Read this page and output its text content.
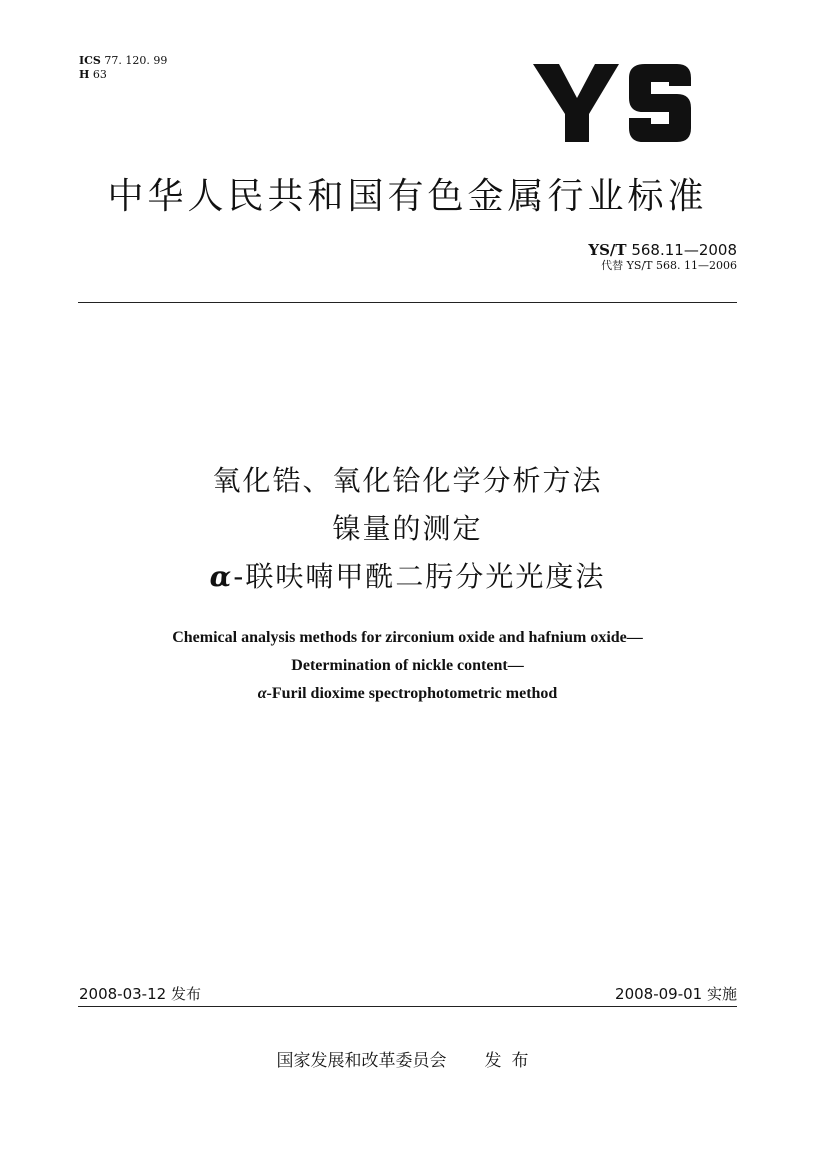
ICS 77. 120. 99
H 63
中华人民共和国有色金属行业标准
YS/T 568.11—2008
代替 YS/T 568. 11—2006
氧化锆、氧化铪化学分析方法
镍量的测定
α-联呋喃甲酰二肟分光光度法
Chemical analysis methods for zirconium oxide and hafnium oxide—
Determination of nickle content—
α-Furil dioxime spectrophotometric method
2008-03-12 发布	2008-09-01 实施
国家发展和改革委员会 发布
